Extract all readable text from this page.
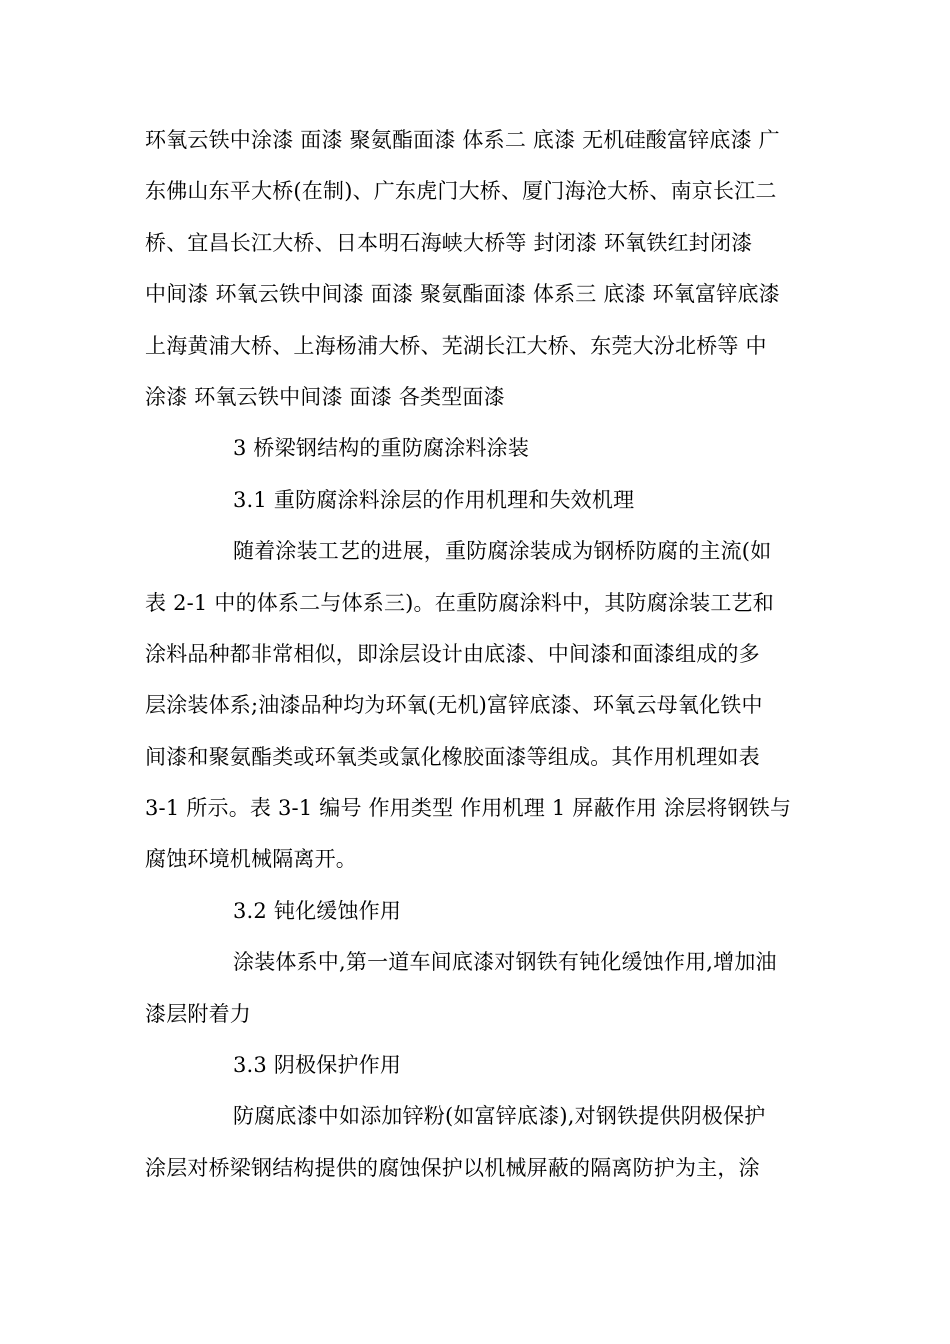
环氧云铁中涂漆 面漆 聚氨酯面漆 体系二 底漆 无机硅酸富锌底漆 广
东佛山东平大桥(在制)、广东虎门大桥、厦门海沧大桥、南京长江二
桥、宜昌长江大桥、日本明石海峡大桥等 封闭漆 环氧铁红封闭漆
中间漆 环氧云铁中间漆 面漆 聚氨酯面漆 体系三 底漆 环氧富锌底漆
上海黄浦大桥、上海杨浦大桥、芜湖长江大桥、东莞大汾北桥等 中
涂漆 环氧云铁中间漆 面漆 各类型面漆
3 桥梁钢结构的重防腐涂料涂装
3.1 重防腐涂料涂层的作用机理和失效机理
随着涂装工艺的进展，重防腐涂装成为钢桥防腐的主流(如
表 2-1 中的体系二与体系三)。在重防腐涂料中，其防腐涂装工艺和
涂料品种都非常相似，即涂层设计由底漆、中间漆和面漆组成的多
层涂装体系;油漆品种均为环氧(无机)富锌底漆、环氧云母氧化铁中
间漆和聚氨酯类或环氧类或氯化橡胶面漆等组成。其作用机理如表
3-1 所示。表 3-1 编号 作用类型 作用机理 1 屏蔽作用 涂层将钢铁与
腐蚀环境机械隔离开。
3.2 钝化缓蚀作用
涂装体系中,第一道车间底漆对钢铁有钝化缓蚀作用,增加油
漆层附着力
3.3 阴极保护作用
防腐底漆中如添加锌粉(如富锌底漆),对钢铁提供阴极保护
涂层对桥梁钢结构提供的腐蚀保护以机械屏蔽的隔离防护为主，涂
